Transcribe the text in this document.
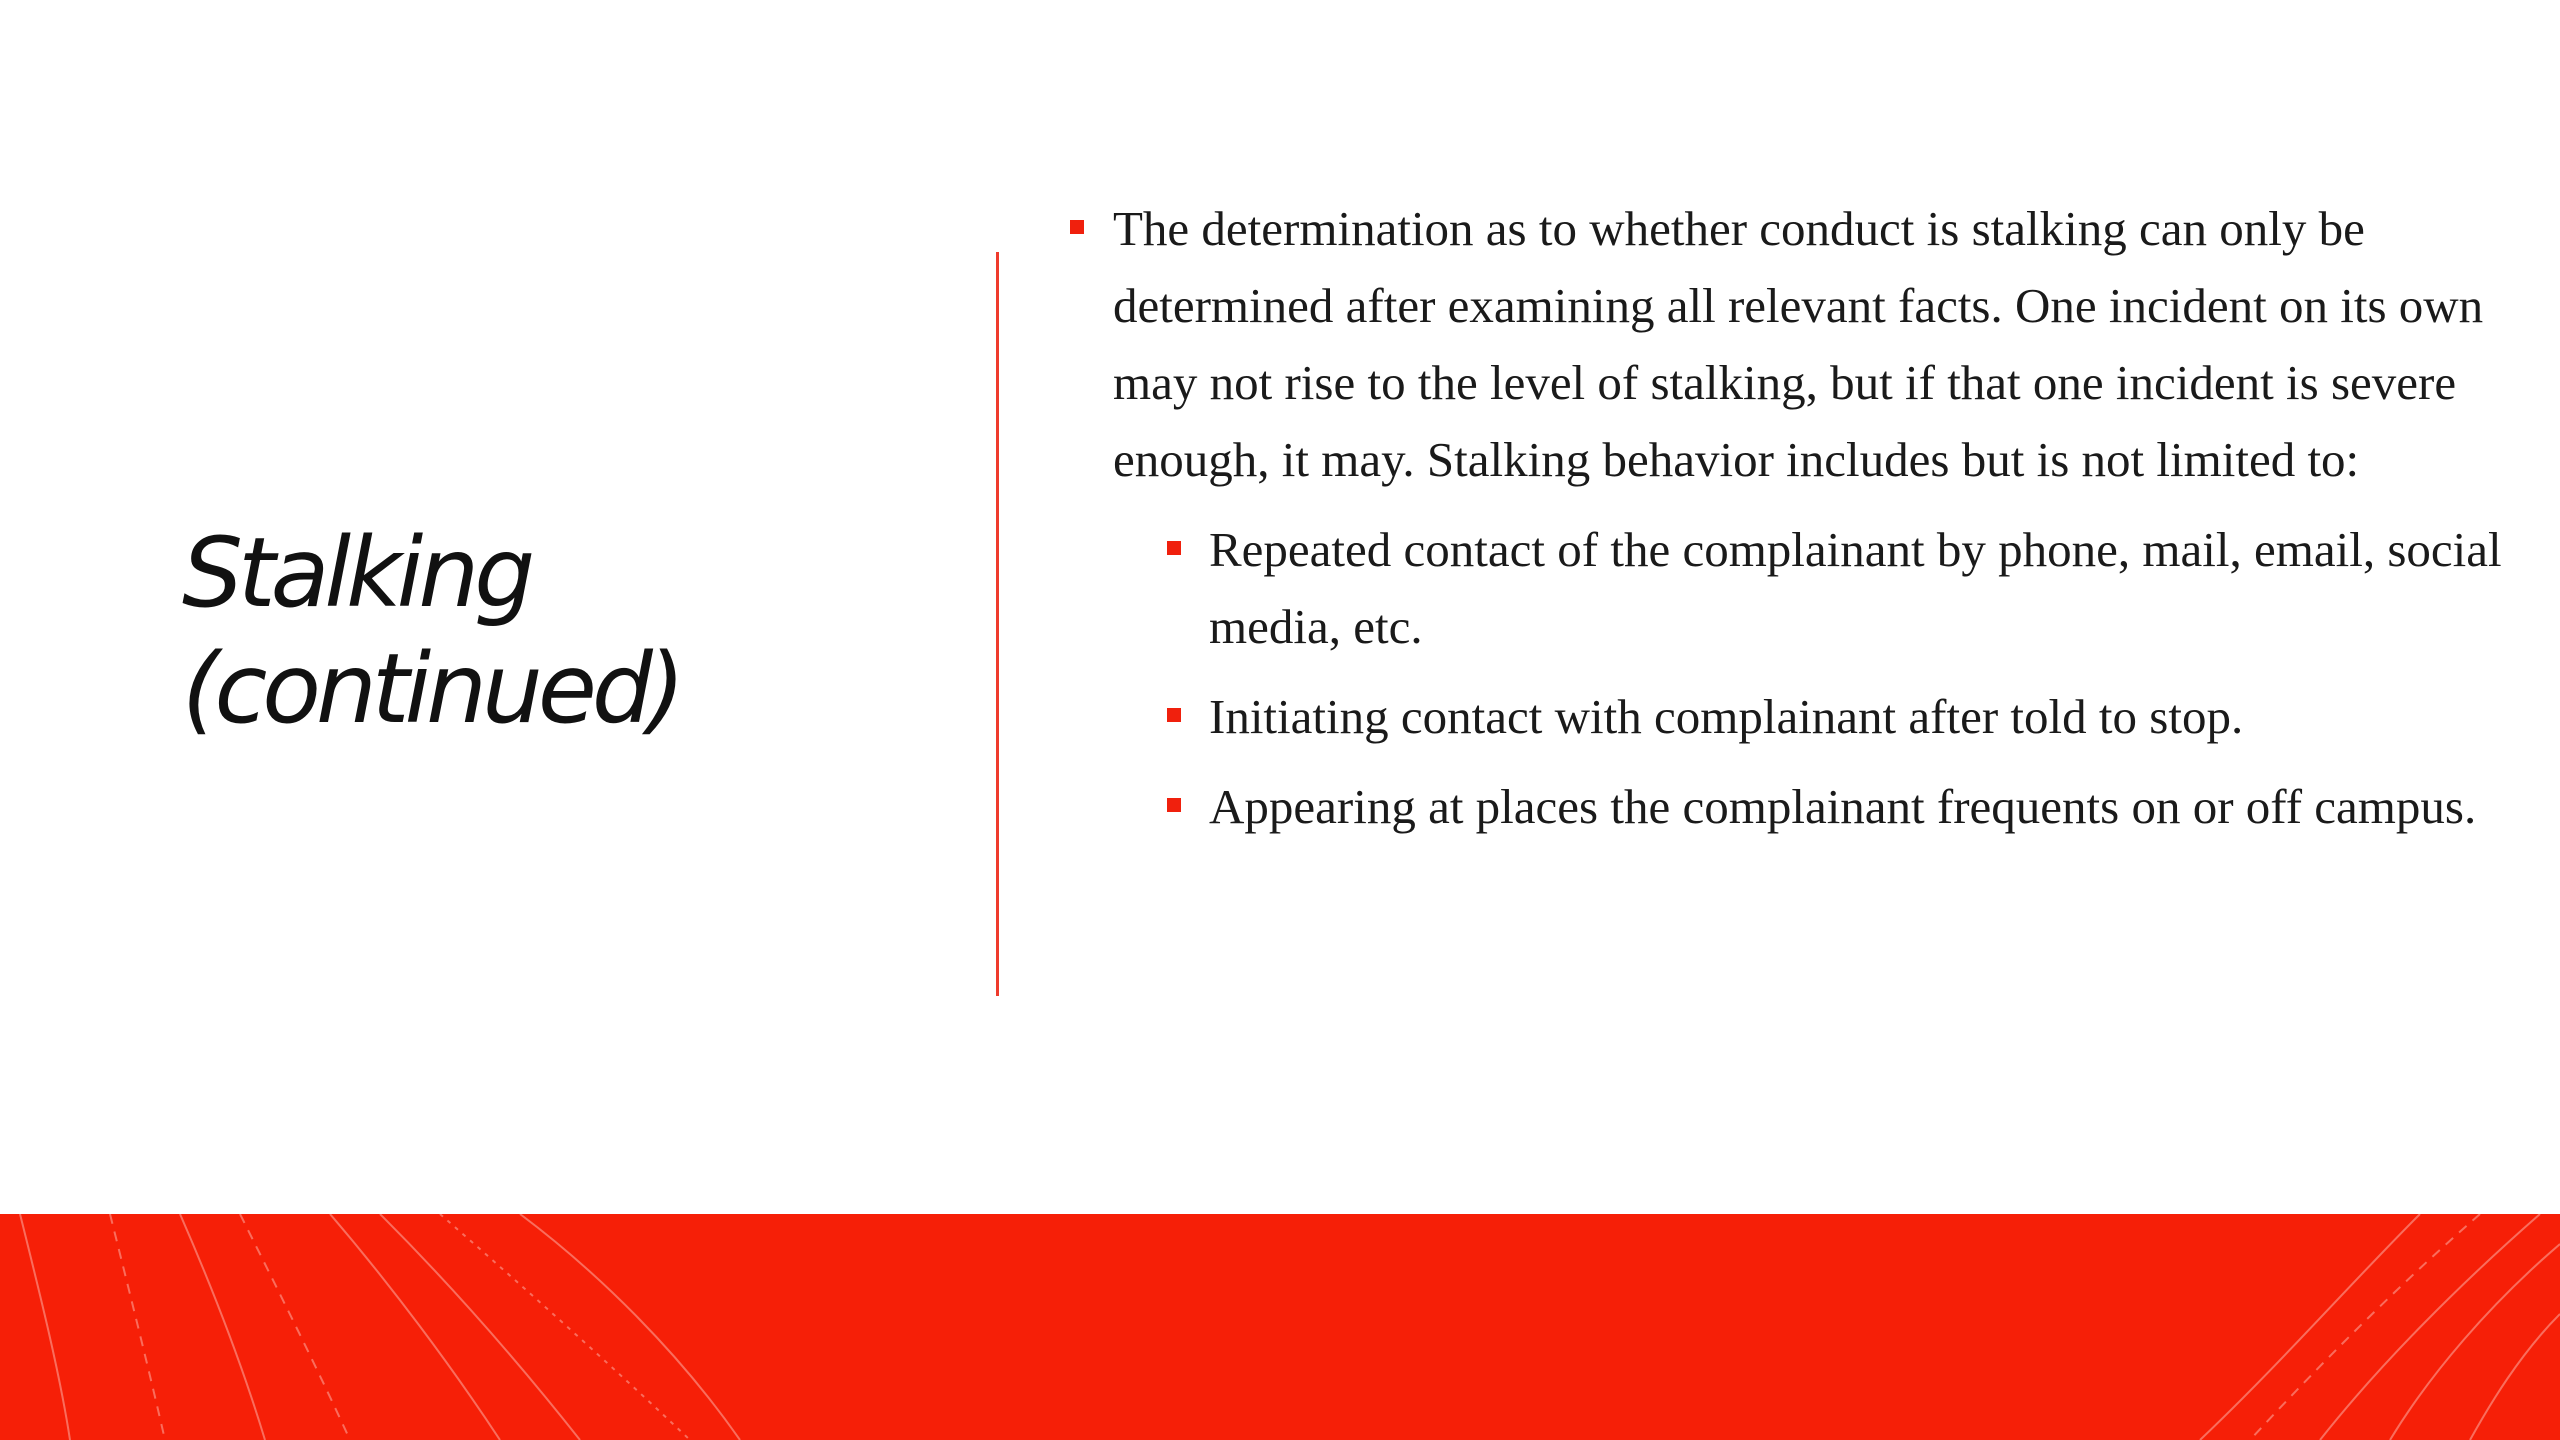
Stalking
(continued)
The determination as to whether conduct is stalking can only be determined after examining all relevant facts. One incident on its own may not rise to the level of stalking, but if that one incident is severe enough, it may. Stalking behavior includes but is not limited to:
Repeated contact of the complainant by phone, mail, email, social media, etc.
Initiating contact with complainant after told to stop.
Appearing at places the complainant frequents on or off campus.
